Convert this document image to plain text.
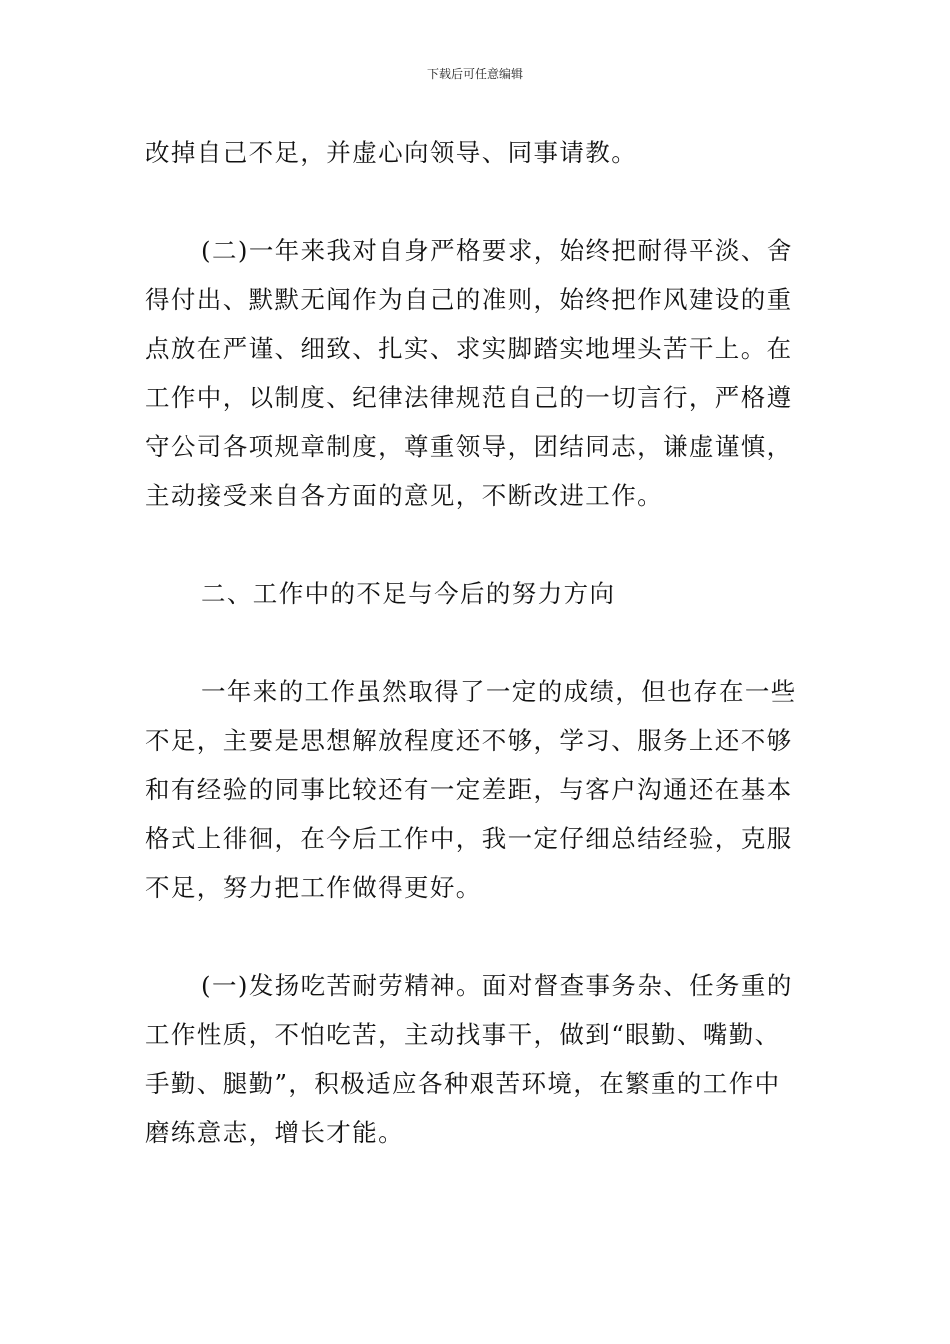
下载后可任意编辑

改掉自己不足，并虚心向领导、同事请教。

(二)一年来我对自身严格要求，始终把耐得平淡、舍
得付出、默默无闻作为自己的准则，始终把作风建设的重
点放在严谨、细致、扎实、求实脚踏实地埋头苦干上。在
工作中，以制度、纪律法律规范自己的一切言行，严格遵
守公司各项规章制度，尊重领导，团结同志，谦虚谨慎，
主动接受来自各方面的意见，不断改进工作。

二、工作中的不足与今后的努力方向

一年来的工作虽然取得了一定的成绩，但也存在一些
不足，主要是思想解放程度还不够，学习、服务上还不够
和有经验的同事比较还有一定差距，与客户沟通还在基本
格式上徘徊，在今后工作中，我一定仔细总结经验，克服
不足，努力把工作做得更好。

(一)发扬吃苦耐劳精神。面对督查事务杂、任务重的
工作性质，不怕吃苦，主动找事干，做到“眼勤、嘴勤、
手勤、腿勤”，积极适应各种艰苦环境，在繁重的工作中
磨练意志，增长才能。
